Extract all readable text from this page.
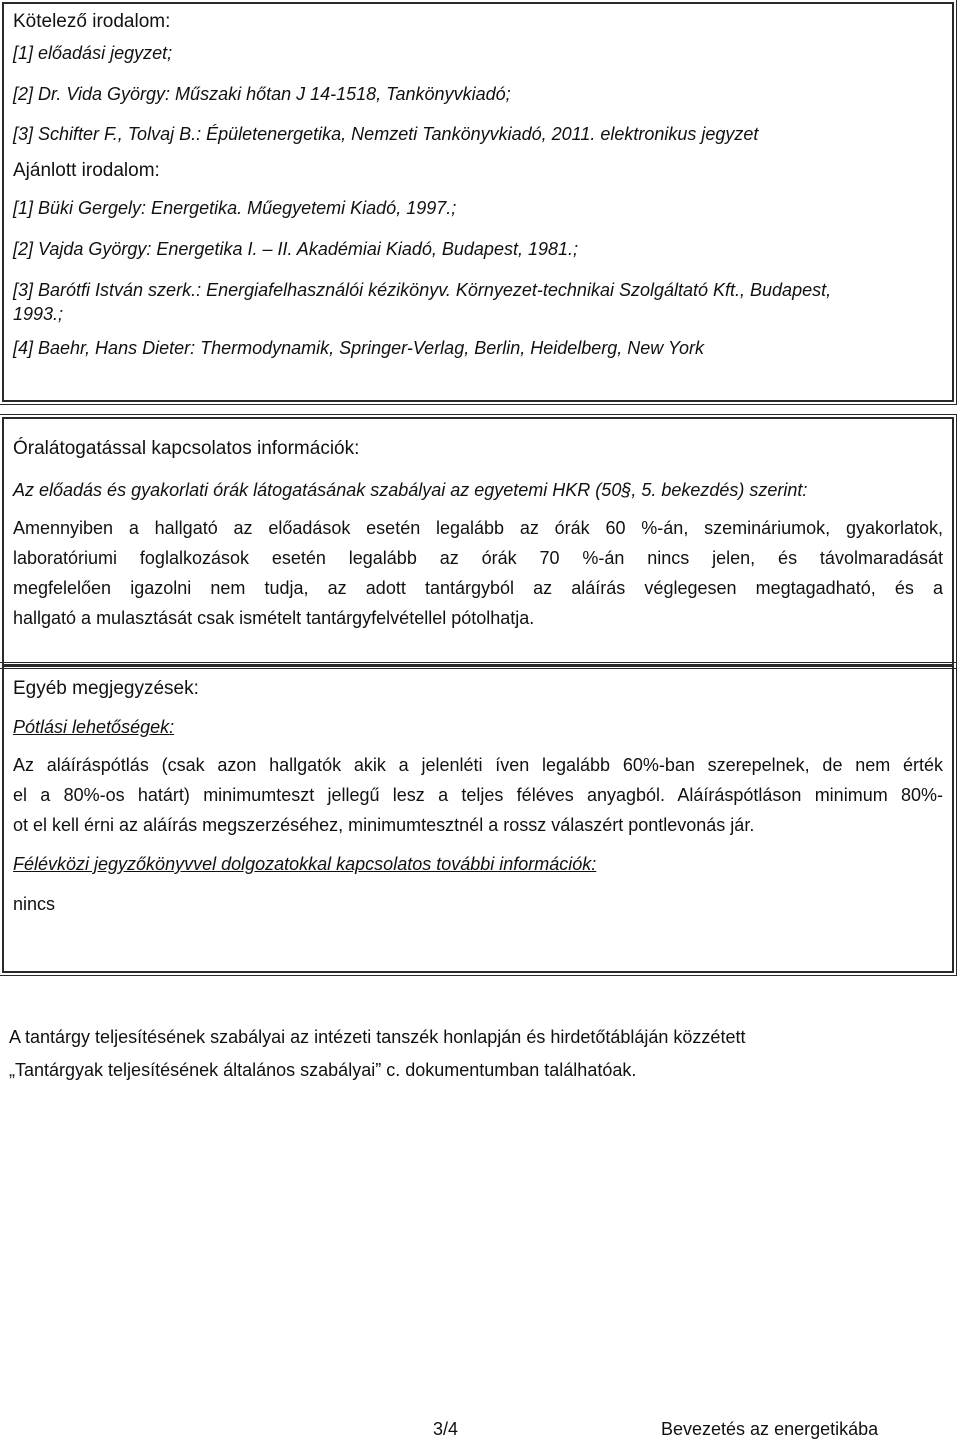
Kötelező irodalom:
[1] előadási jegyzet;
[2] Dr. Vida György: Műszaki hőtan J 14-1518, Tankönyvkiadó;
[3] Schifter F., Tolvaj B.: Épületenergetika, Nemzeti Tankönyvkiadó, 2011. elektronikus jegyzet
Ajánlott irodalom:
[1] Büki Gergely: Energetika. Műegyetemi Kiadó, 1997.;
[2] Vajda György: Energetika I. – II. Akadémiai Kiadó, Budapest, 1981.;
[3] Barótfi István szerk.: Energiafelhasználói kézikönyv. Környezet-technikai Szolgáltató Kft., Budapest,
1993.;
[4] Baehr, Hans Dieter: Thermodynamik, Springer-Verlag, Berlin, Heidelberg, New York
Óralátogatással kapcsolatos információk:
Az előadás és gyakorlati órák látogatásának szabályai az egyetemi HKR (50§, 5. bekezdés) szerint:
Amennyiben a hallgató az előadások esetén legalább az órák 60 %-án, szemináriumok, gyakorlatok,
laboratóriumi foglalkozások esetén legalább az órák 70 %-án nincs jelen, és távolmaradását
megfelelően igazolni nem tudja, az adott tantárgyból az aláírás véglegesen megtagadható, és a
hallgató a mulasztását csak ismételt tantárgyfelvétellel pótolhatja.
Egyéb megjegyzések:
Pótlási lehetőségek:
Az aláíráspótlás (csak azon hallgatók akik a jelenléti íven legalább 60%-ban szerepelnek, de nem érték
el a 80%-os határt) minimumteszt jellegű lesz a teljes féléves anyagból. Aláíráspótláson minimum 80%-
ot el kell érni az aláírás megszerzéséhez, minimumtesztnél a rossz válaszért pontlevonás jár.
Félévközi jegyzőkönyvvel dolgozatokkal kapcsolatos további információk:
nincs
A tantárgy teljesítésének szabályai az intézeti tanszék honlapján és hirdetőtábláján közzétett
„Tantárgyak teljesítésének általános szabályai” c. dokumentumban találhatóak.
3/4	Bevezetés az energetikába
